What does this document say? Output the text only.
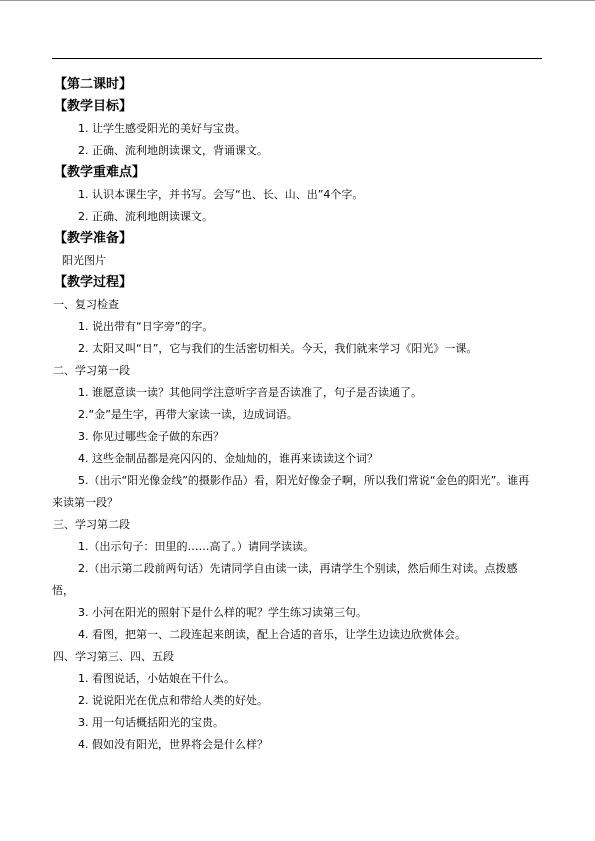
【第二课时】
【教学目标】
1. 让学生感受阳光的美好与宝贵。
2. 正确、流利地朗读课文，背诵课文。
【教学重难点】
1. 认识本课生字，并书写。会写“也、长、山、出”4个字。
2. 正确、流利地朗读课文。
【教学准备】
阳光图片
【教学过程】
一、复习检查
1. 说出带有“日字旁”的字。
2. 太阳又叫“日”，它与我们的生活密切相关。今天，我们就来学习《阳光》一课。
二、学习第一段
1. 谁愿意读一读？其他同学注意听字音是否读准了，句子是否读通了。
2.“金”是生字，再带大家读一读，边成词语。
3. 你见过哪些金子做的东西？
4. 这些金制品都是亮闪闪的、金灿灿的，谁再来读读这个词？
5.（出示“阳光像金线”的摄影作品）看，阳光好像金子啊，所以我们常说“金色的阳光”。谁再来读第一段？
三、学习第二段
1.（出示句子：田里的……高了。）请同学读读。
2.（出示第二段前两句话）先请同学自由读一读，再请学生个别读，然后师生对读。点拨感悟，
3. 小河在阳光的照射下是什么样的呢？学生练习读第三句。
4. 看图，把第一、二段连起来朗读，配上合适的音乐，让学生边读边欣赏体会。
四、学习第三、四、五段
1. 看图说话，小姑娘在干什么。
2. 说说阳光在优点和带给人类的好处。
3. 用一句话概括阳光的宝贵。
4. 假如没有阳光，世界将会是什么样？
